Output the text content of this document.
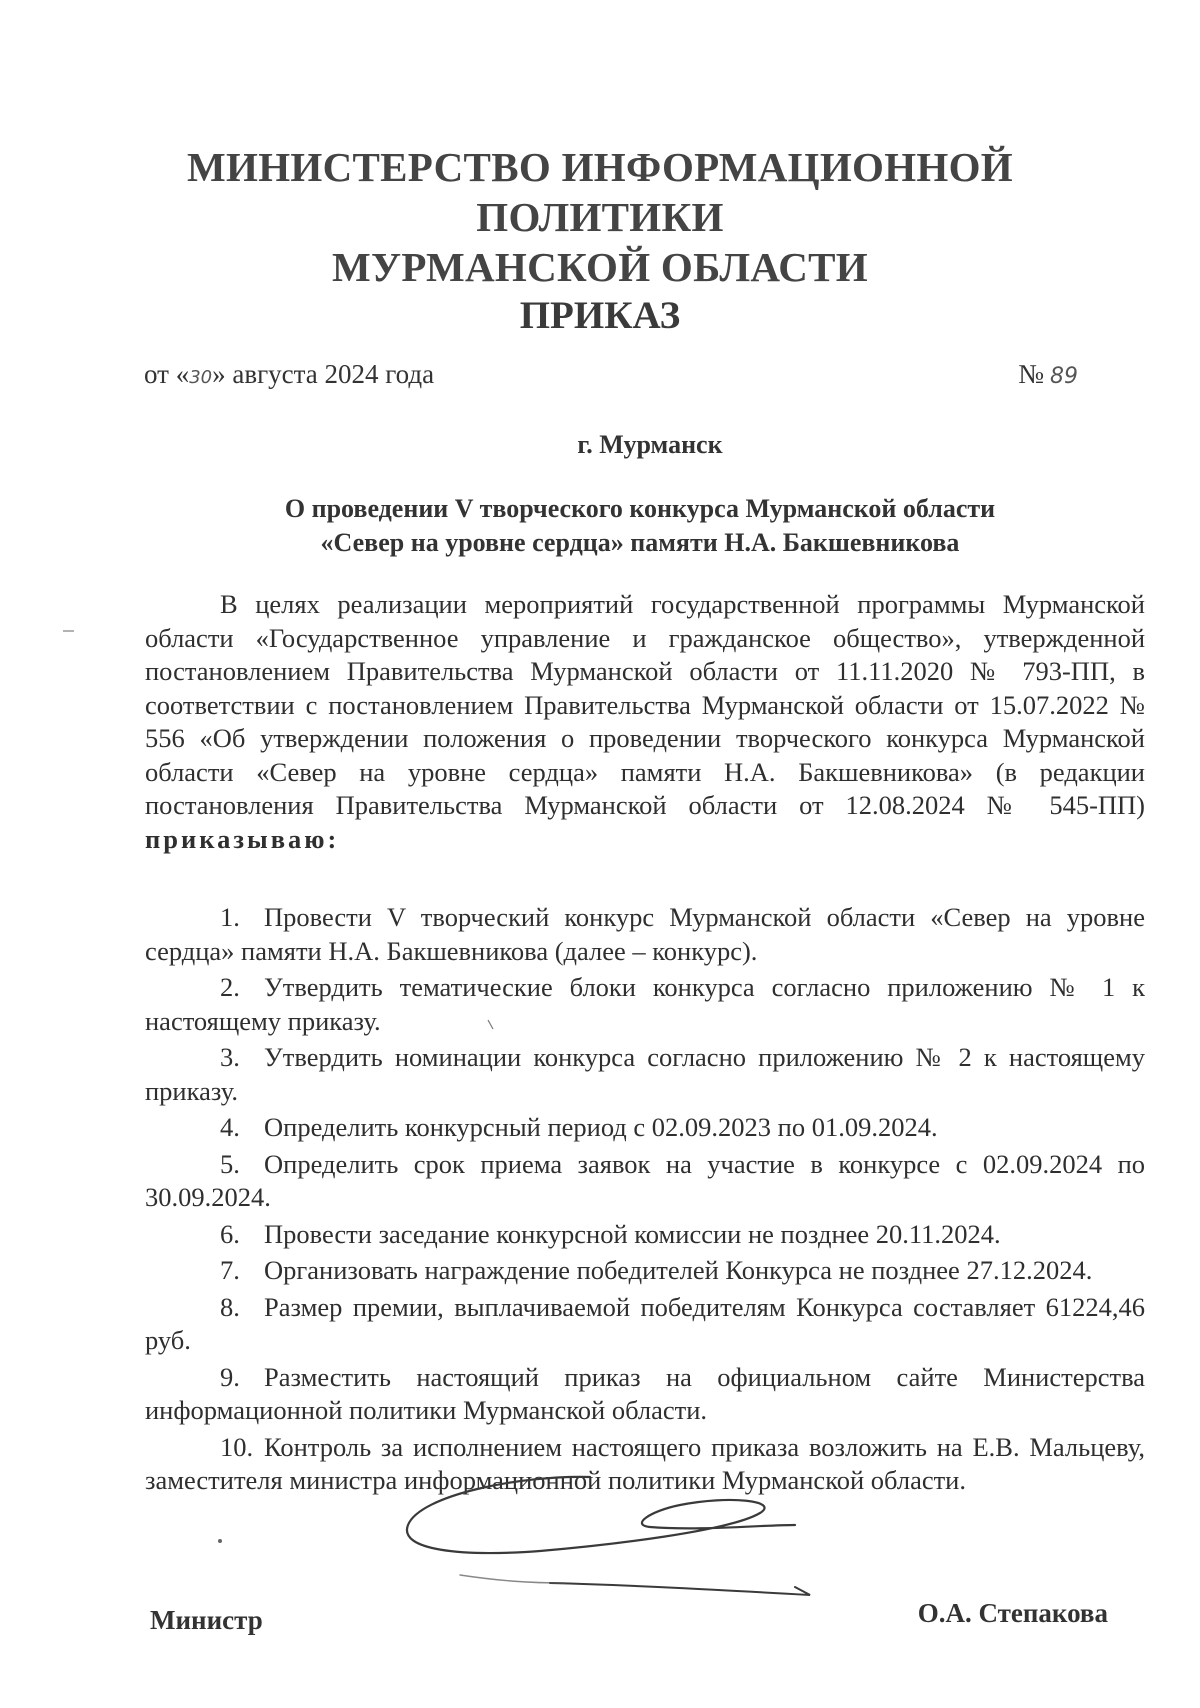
МИНИСТЕРСТВО ИНФОРМАЦИОННОЙ ПОЛИТИКИ
МУРМАНСКОЙ ОБЛАСТИ
ПРИКАЗ
от «30» августа 2024 года	№ 89
г. Мурманск
О проведении V творческого конкурса Мурманской области
«Север на уровне сердца» памяти Н.А. Бакшевникова

В целях реализации мероприятий государственной программы Мурманской области «Государственное управление и гражданское общество», утвержденной постановлением Правительства Мурманской области от 11.11.2020 № 793-ПП, в соответствии с постановлением Правительства Мурманской области от 15.07.2022 № 556 «Об утверждении положения о проведении творческого конкурса Мурманской области «Север на уровне сердца» памяти Н.А. Бакшевникова» (в редакции постановления Правительства Мурманской области от 12.08.2024 № 545-ПП) приказываю:

1. Провести V творческий конкурс Мурманской области «Север на уровне сердца» памяти Н.А. Бакшевникова (далее – конкурс).

2. Утвердить тематические блоки конкурса согласно приложению № 1 к настоящему приказу.

3. Утвердить номинации конкурса согласно приложению № 2 к настоящему приказу.

4. Определить конкурсный период с 02.09.2023 по 01.09.2024.

5. Определить срок приема заявок на участие в конкурсе с 02.09.2024 по 30.09.2024.

6. Провести заседание конкурсной комиссии не позднее 20.11.2024.

7. Организовать награждение победителей Конкурса не позднее 27.12.2024.

8. Размер премии, выплачиваемой победителям Конкурса составляет 61224,46 руб.

9. Разместить настоящий приказ на официальном сайте Министерства информационной политики Мурманской области.

10. Контроль за исполнением настоящего приказа возложить на Е.В. Мальцеву, заместителя министра информационной политики Мурманской области.

Министр	О.А. Степакова
